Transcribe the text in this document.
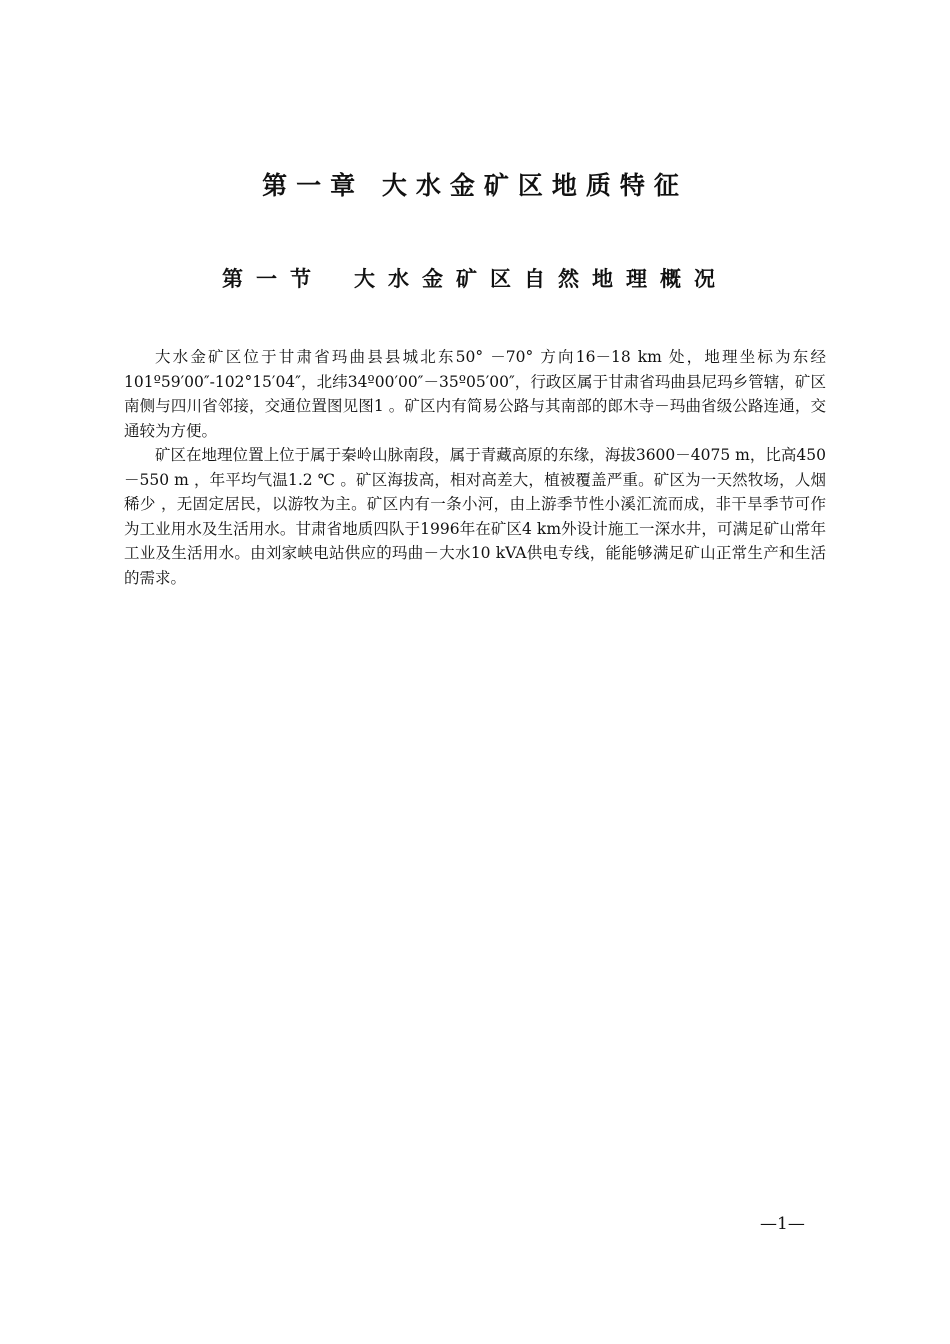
第一章 大水金矿区地质特征
第一节 大水金矿区自然地理概况

大水金矿区位于甘肃省玛曲县县城北东50° －70° 方向16－18 km 处，地理坐标为东经101º59′00″-102°15′04″，北纬34º00′00″－35º05′00″，行政区属于甘肃省玛曲县尼玛乡管辖，矿区南侧与四川省邻接，交通位置图见图1 。矿区内有简易公路与其南部的郎木寺－玛曲省级公路连通，交通较为方便。

矿区在地理位置上位于属于秦岭山脉南段，属于青藏高原的东缘，海拔3600－4075 m，比高450 －550 m ，年平均气温1.2 ℃ 。矿区海拔高，相对高差大，植被覆盖严重。矿区为一天然牧场，人烟稀少 ，无固定居民，以游牧为主。矿区内有一条小河，由上游季节性小溪汇流而成，非干旱季节可作为工业用水及生活用水。甘肃省地质四队于1996年在矿区4 km外设计施工一深水井，可满足矿山常年工业及生活用水。由刘家峡电站供应的玛曲－大水10 kVA供电专线，能能够满足矿山正常生产和生活的需求。

—1—
